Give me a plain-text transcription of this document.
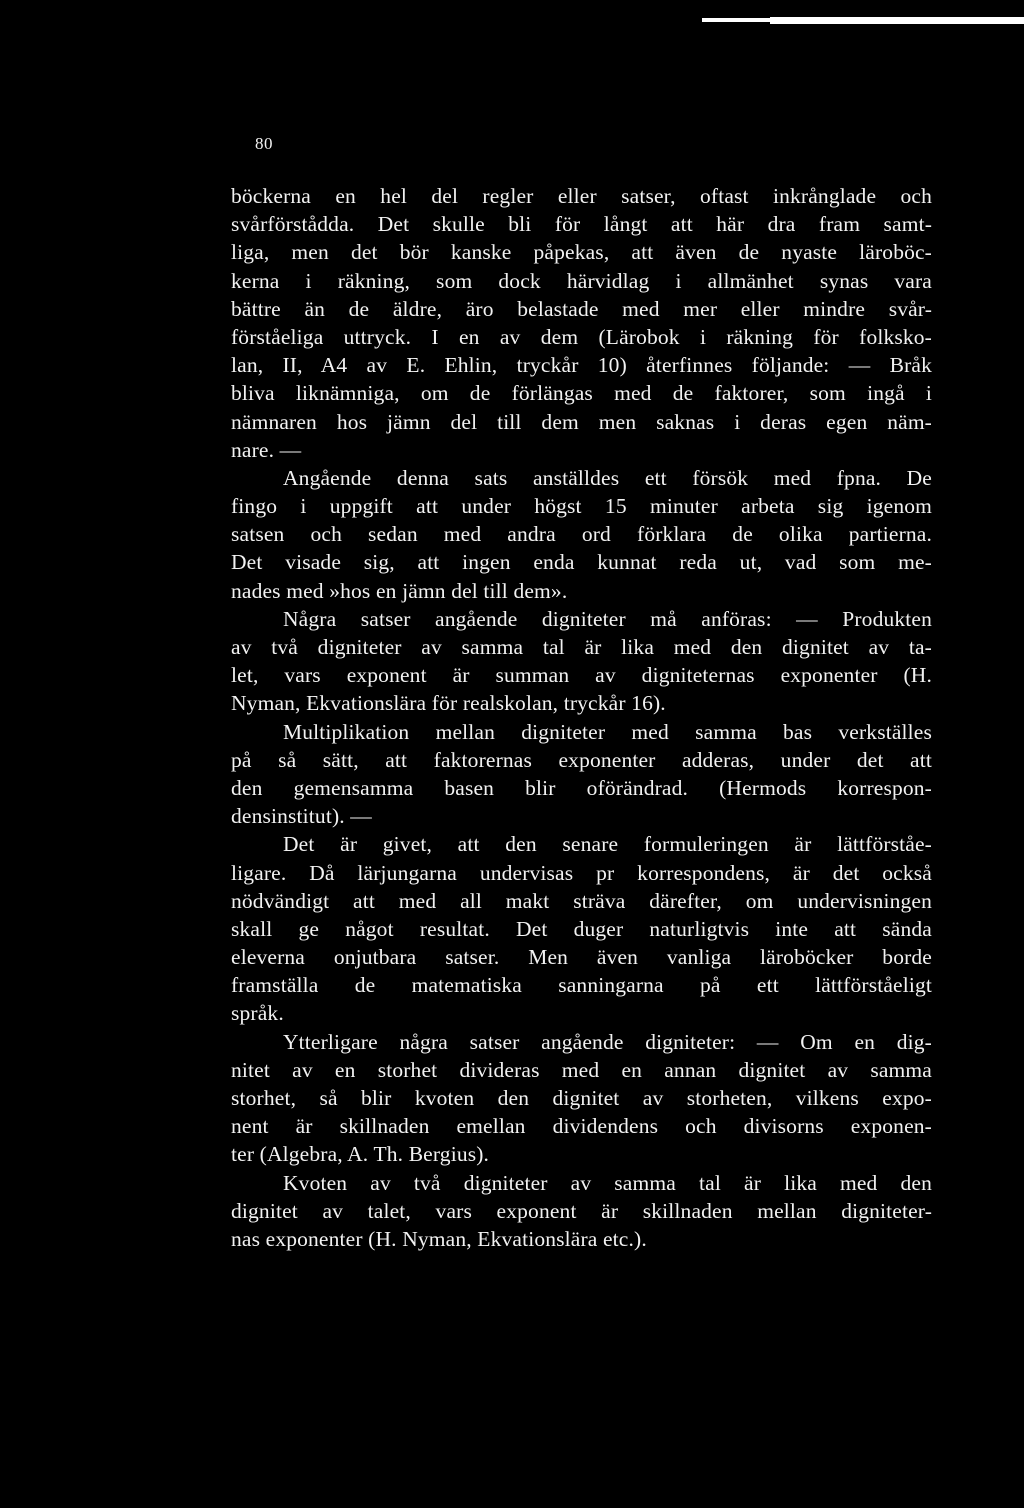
80
böckerna en hel del regler eller satser, oftast inkrånglade och
svårförstådda. Det skulle bli för långt att här dra fram samt-
liga, men det bör kanske påpekas, att även de nyaste läroböc-
kerna i räkning, som dock härvidlag i allmänhet synas vara
bättre än de äldre, äro belastade med mer eller mindre svår-
förståeliga uttryck. I en av dem (Lärobok i räkning för folksko-
lan, II, A4 av E. Ehlin, tryckår 10) återfinnes följande: — Bråk
bliva liknämniga, om de förlängas med de faktorer, som ingå i
nämnaren hos jämn del till dem men saknas i deras egen näm-
nare. —
Angående denna sats anställdes ett försök med fpna. De
fingo i uppgift att under högst 15 minuter arbeta sig igenom
satsen och sedan med andra ord förklara de olika partierna.
Det visade sig, att ingen enda kunnat reda ut, vad som me-
nades med »hos en jämn del till dem».
Några satser angående digniteter må anföras: — Produkten
av två digniteter av samma tal är lika med den dignitet av ta-
let, vars exponent är summan av digniteternas exponenter (H.
Nyman, Ekvationslära för realskolan, tryckår 16).
Multiplikation mellan digniteter med samma bas verkställes
på så sätt, att faktorernas exponenter adderas, under det att
den gemensamma basen blir oförändrad. (Hermods korrespon-
densinstitut). —
Det är givet, att den senare formuleringen är lättförståe-
ligare. Då lärjungarna undervisas pr korrespondens, är det också
nödvändigt att med all makt sträva därefter, om undervisningen
skall ge något resultat. Det duger naturligtvis inte att sända
eleverna onjutbara satser. Men även vanliga läroböcker borde
framställa de matematiska sanningarna på ett lättförståeligt
språk.
Ytterligare några satser angående digniteter: — Om en dig-
nitet av en storhet divideras med en annan dignitet av samma
storhet, så blir kvoten den dignitet av storheten, vilkens expo-
nent är skillnaden emellan dividendens och divisorns exponen-
ter (Algebra, A. Th. Bergius).
Kvoten av två digniteter av samma tal är lika med den
dignitet av talet, vars exponent är skillnaden mellan digniteter-
nas exponenter (H. Nyman, Ekvationslära etc.).
